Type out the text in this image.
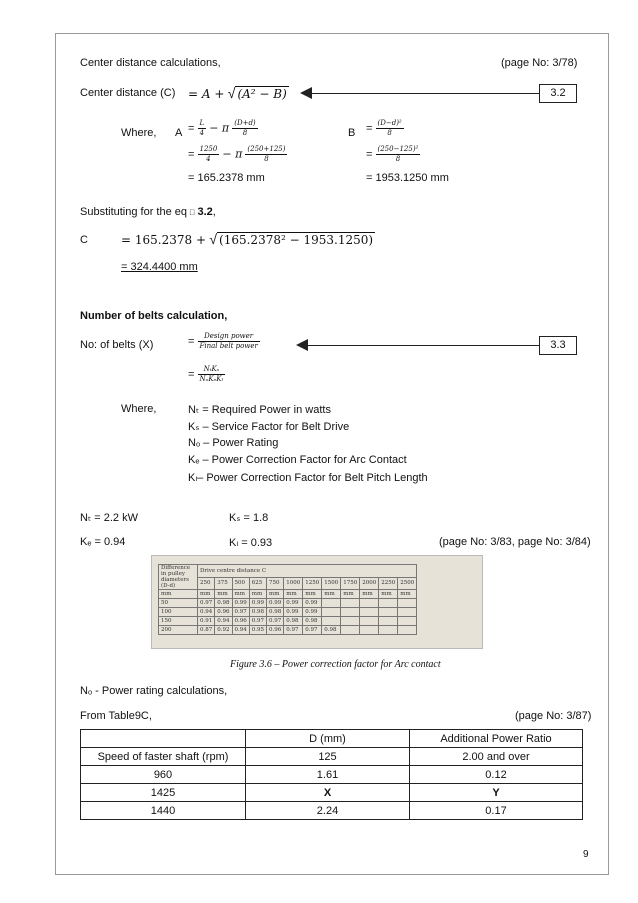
Center distance calculations,	(page No: 3/78)
Center distance (C) = A + √ (A² − B)	3.2
Where, $A = \frac{L}{4} - \pi \frac{(D+d)}{8}$
= $\frac{1250}{4} - \pi \frac{(250+125)}{8}$
= 165.2378 mm
$B = \frac{\text{(D−d)²}}{8}$
= $\frac{\text{(250−125)²}}{8}$
= 1953.1250 mm
Substituting for the eq ⃞ 3.2,
C	= 165.2378 + √ (165.2378² − 1953.1250)
= 324.4400 mm
Number of belts calculation,
No: of belts (X)	= $\frac{\text{Design power}}{\text{Final belt power}}$	3.3
= $\frac{\text{NₜKₛ}}{\text{NₒKₑKₗ}}$
Where,	Nₜ = Required Power in watts
Kₛ – Service Factor for Belt Drive
Nₒ – Power Rating
Kₑ – Power Correction Factor for Arc Contact
Kₗ– Power Correction Factor for Belt Pitch Length
Nₜ = 2.2 kW	Kₛ = 1.8
Kₑ = 0.94	Kₗ = 0.93	(page No: 3/83, page No: 3/84)
Difference in pulley diameters (D-d)	Drive centre distance C											
	250	375	500	625	750	1000	1250	1500	1750	2000	2250	2500
mm	mm	mm	mm	mm	mm	mm	mm	mm	mm	mm	mm	mm
50	0.97	0.98	0.99	0.99	0.99	0.99	0.99					
100	0.94	0.96	0.97	0.98	0.98	0.99	0.99					
150	0.91	0.94	0.96	0.97	0.97	0.98	0.98					
200	0.87	0.92	0.94	0.95	0.96	0.97	0.97	0.98				
Figure 3.6 – Power correction factor for Arc contact
Nₒ - Power rating calculations,
From Table9C,	(page No: 3/87)
	D (mm)	Additional Power Ratio
Speed of faster shaft (rpm)	125	2.00 and over
960	1.61	0.12
1425	X	Y
1440	2.24	0.17
9
